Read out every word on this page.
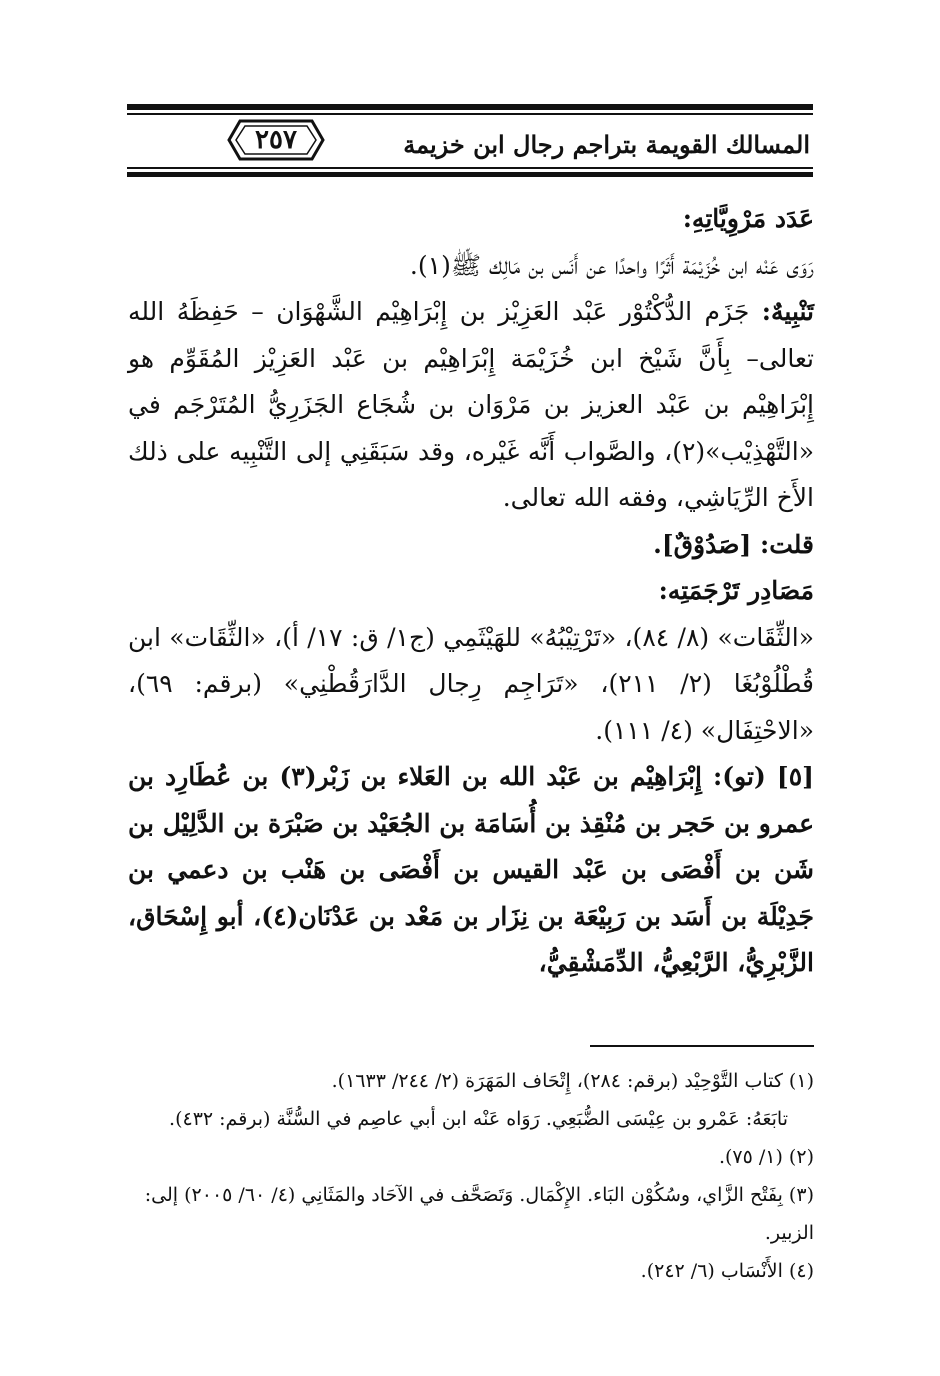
٢٥٧	المسالك القويمة بتراجم رجال ابن خزيمة

عَدَد مَرْوِيَّاتِهِ:

رَوَى عَنْه ابن خُزَيْمَة أَثَرًا واحدًا عن أَنَس بن مَالِك ﷺ(١).

تَنْبِيهٌ: جَزَم الدُّكْتُوْر عَبْد العَزِيْز بن إِبْرَاهِيْم الشَّهْوَان – حَفِظَهُ الله تعالى– بِأَنَّ شَيْخ ابن خُزَيْمَة إِبْرَاهِيْم بن عَبْد العَزِيْز المُقَوِّم هو إِبْرَاهِيْم بن عَبْد العزيز بن مَرْوَان بن شُجَاع الجَزَرِيُّ المُتَرْجَم في «التَّهْذِيْب»(٢)، والصَّواب أَنَّه غَيْره، وقد سَبَقَنِي إلى التَّنْبِيه على ذلك الأَخ الرِّيَاشِي، وفقه الله تعالى.

قلت: [صَدُوْقٌ].

مَصَادِر تَرْجَمَتِه:

«الثِّقَات» (٨/ ٨٤)، «تَرْتِيْبُهُ» للهَيْثَمِي (ج١/ ق: ١٧/ أ)، «الثِّقَات» ابن قُطْلُوْبُغَا (٢/ ٢١١)، «تَرَاجِم رِجال الدَّارَقُطْنِي» (برقم: ٦٩)، «الاحْتِفَال» (٤/ ١١١).

[٥] (تو): إِبْرَاهِيْم بن عَبْد الله بن العَلاء بن زَبْر(٣) بن عُطَارِد بن عمرو بن حَجر بن مُنْقِذ بن أُسَامَة بن الجُعَيْد بن صَبْرَة بن الدَّلِيْل بن شَن بن أَفْصَى بن عَبْد القيس بن أَفْصَى بن هَنْب بن دعمي بن جَدِيْلَة بن أَسَد بن رَبِيْعَة بن نِزَار بن مَعْد بن عَدْنَان(٤)، أبو إِسْحَاق، الزَّبْرِيُّ، الرَّبْعِيُّ، الدِّمَشْقِيُّ،

(١) كتاب التَّوْحِيْد (برقم: ٢٨٤)، إِتْحَاف المَهَرَة (٢/ ٢٤٤/ ١٦٣٣).

تابَعَهُ: عَمْرو بن عِيْسَى الضُّبَعِي. رَوَاه عَنْه ابن أبي عاصِم في السُّنَّة (برقم: ٤٣٢).

(٢) (١/ ٧٥).

(٣) بِفَتْح الزَّاي، وسُكُوْن البَاء. الإِكْمَال. وَتَصَحَّف في الآحَاد والمَثَانِي (٤/ ٦٠/ ٢٠٠٥) إلى: الزبير.

(٤) الأَنْسَاب (٦/ ٢٤٢).
